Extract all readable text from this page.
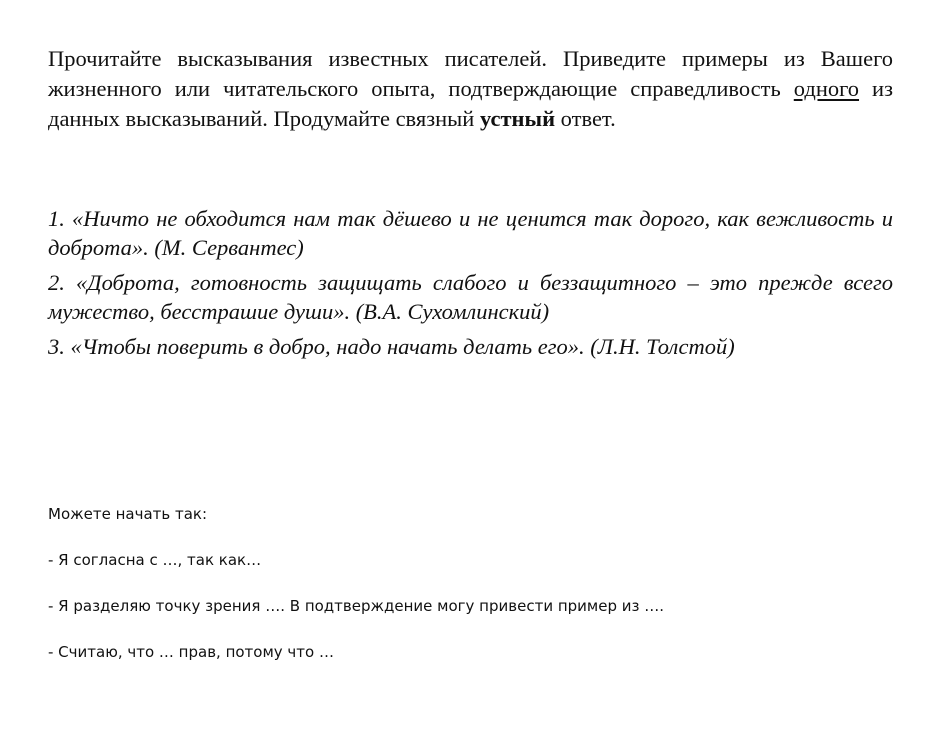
Прочитайте высказывания известных писателей. Приведите примеры из Вашего жизненного или читательского опыта, подтверждающие справедливость одного из данных высказываний. Продумайте связный устный ответ.

1. «Ничто не обходится нам так дёшево и не ценится так дорого, как вежливость и доброта». (М. Сервантес)

2. «Доброта, готовность защищать слабого и беззащитного – это прежде всего мужество, бесстрашие души». (В.А. Сухомлинский)

3. «Чтобы поверить в добро, надо начать делать его». (Л.Н. Толстой)

Можете начать так:
- Я согласна с …, так как…
- Я разделяю точку зрения …. В подтверждение могу привести пример из ….
- Считаю, что … прав, потому что …
